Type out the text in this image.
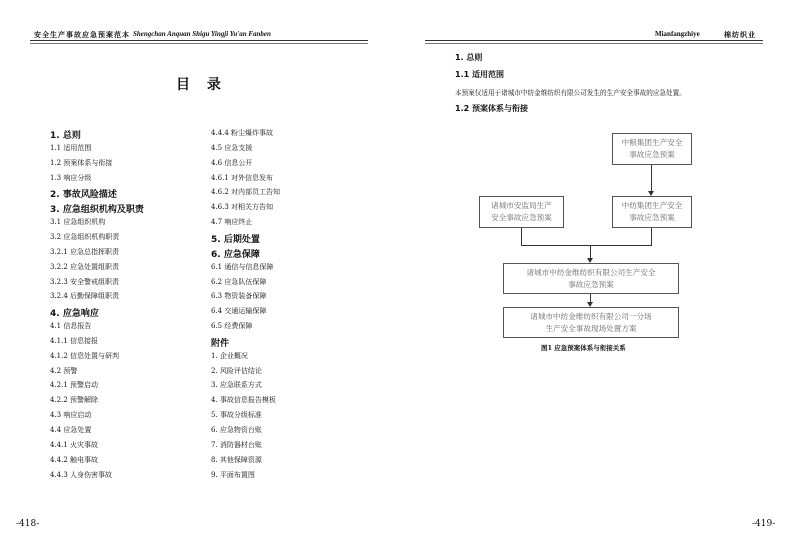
安全生产事故应急预案范本 Shengchan Anquan Shigu Yingji Yu'an Fanben
目 录
1. 总则
1.1 适用范围
1.2 预案体系与衔接
1.3 响应分级
2. 事故风险描述
3. 应急组织机构及职责
3.1 应急组织机构
3.2 应急组织机构职责
3.2.1 应急总指挥职责
3.2.2 应急处置组职责
3.2.3 安全警戒组职责
3.2.4 后勤保障组职责
4. 应急响应
4.1 信息报告
4.1.1 信息接报
4.1.2 信息处置与研判
4.2 预警
4.2.1 预警启动
4.2.2 预警解除
4.3 响应启动
4.4 应急处置
4.4.1 火灾事故
4.4.2 触电事故
4.4.3 人身伤害事故
4.4.4 粉尘爆炸事故
4.5 应急支援
4.6 信息公开
4.6.1 对外信息发布
4.6.2 对内部员工告知
4.6.3 对相关方告知
4.7 响应终止
5. 后期处置
6. 应急保障
6.1 通信与信息保障
6.2 应急队伍保障
6.3 物资装备保障
6.4 交通运输保障
6.5 经费保障
附件
1. 企业概况
2. 风险评估结论
3. 应急联系方式
4. 事故信息报告模板
5. 事故分级标准
6. 应急物资台账
7. 消防器材台账
8. 其他保障资源
9. 平面布置图
-418-
Mianfangzhiye	棉纺织业
1. 总则
1.1 适用范围
本预案仅适用于诸城市中纺金维纺织有限公司发生的生产安全事故的应急处置。
1.2 预案体系与衔接
中粮集团生产安全
事故应急预案
诸城市安监局生产
安全事故应急预案
中纺集团生产安全
事故应急预案
诸城市中纺金维纺织有限公司生产安全
事故应急预案
诸城市中纺金维纺织有限公司一分场
生产安全事故现场处置方案
图1 应急预案体系与衔接关系
-419-
